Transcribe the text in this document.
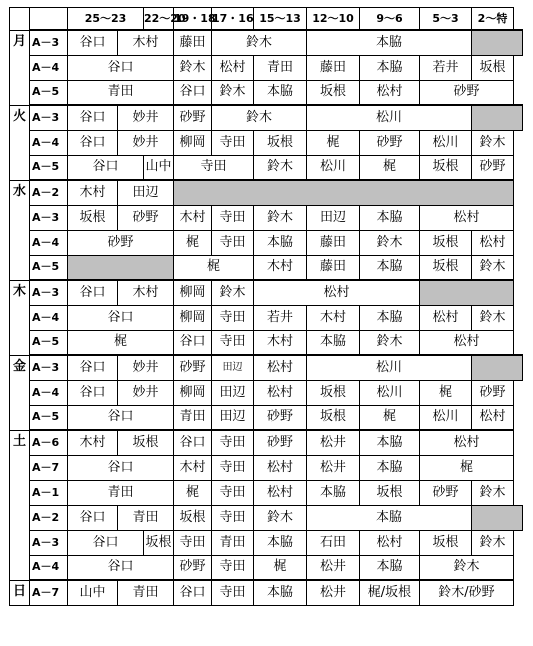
		25～23		22～20	19・18	17・16	15～13	12～10	9～6	5～3	2～特
月	A－3	谷口	木村		藤田	鈴木		本脇			
	A－4	谷口			鈴木	松村	青田	藤田	本脇	若井	坂根
	A－5	青田			谷口	鈴木	本脇	坂根	松村	砂野	
火	A－3	谷口	妙井		砂野	鈴木		松川			
	A－4	谷口	妙井		柳岡	寺田	坂根	梶	砂野	松川	鈴木
	A－5	谷口		山中	寺田		鈴木	松川	梶	坂根	砂野
水	A－2	木村	田辺								
	A－3	坂根	砂野		木村	寺田	鈴木	田辺	本脇	松村	
	A－4	砂野			梶	寺田	本脇	藤田	鈴木	坂根	松村
	A－5				梶		木村	藤田	本脇	坂根	鈴木
木	A－3	谷口	木村		柳岡	鈴木	松村				
	A－4	谷口			柳岡	寺田	若井	木村	本脇	松村	鈴木
	A－5	梶			谷口	寺田	木村	本脇	鈴木	松村	
金	A－3	谷口	妙井		砂野	田辺	松村	松川			
	A－4	谷口	妙井		柳岡	田辺	松村	坂根	松川	梶	砂野
	A－5	谷口			青田	田辺	砂野	坂根	梶	松川	松村
土	A－6	木村	坂根		谷口	寺田	砂野	松井	本脇	松村	
	A－7	谷口			木村	寺田	松村	松井	本脇	梶	
	A－1	青田			梶	寺田	松村	本脇	坂根	砂野	鈴木
	A－2	谷口	青田		坂根	寺田	鈴木	本脇			
	A－3	谷口		坂根	寺田	青田	本脇	石田	松村	坂根	鈴木
	A－4	谷口			砂野	寺田	梶	松井	本脇	鈴木	
日	A－7	山中	青田		谷口	寺田	本脇	松井	梶/坂根	鈴木/砂野	
